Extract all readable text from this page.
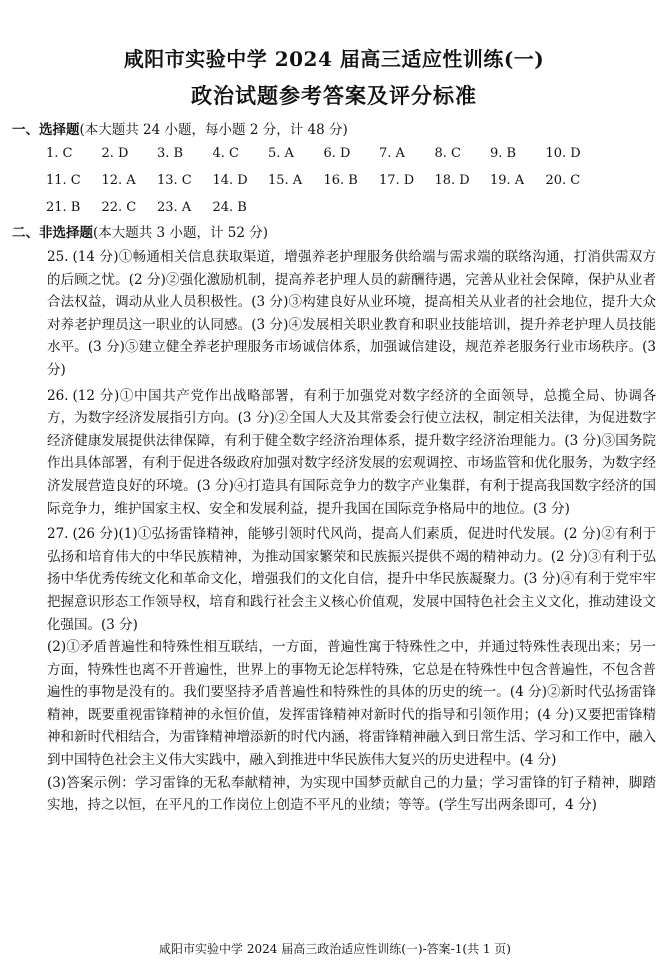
咸阳市实验中学 2024 届高三适应性训练(一)
政治试题参考答案及评分标准
一、选择题(本大题共 24 小题，每小题 2 分，计 48 分)
1. C	2. D	3. B	4. C	5. A	6. D	7. A	8. C	9. B	10. D
11. C	12. A	13. C	14. D	15. A	16. B	17. D	18. D	19. A	20. C
21. B	22. C	23. A	24. B
二、非选择题(本大题共 3 小题，计 52 分)
25. (14 分)①畅通相关信息获取渠道，增强养老护理服务供给端与需求端的联络沟通，打消供需双方的后顾之忧。(2 分)②强化激励机制，提高养老护理人员的薪酬待遇，完善从业社会保障，保护从业者合法权益，调动从业人员积极性。(3 分)③构建良好从业环境，提高相关从业者的社会地位，提升大众对养老护理员这一职业的认同感。(3 分)④发展相关职业教育和职业技能培训，提升养老护理人员技能水平。(3 分)⑤建立健全养老护理服务市场诚信体系，加强诚信建设，规范养老服务行业市场秩序。(3 分)
26. (12 分)①中国共产党作出战略部署，有利于加强党对数字经济的全面领导，总揽全局、协调各方，为数字经济发展指引方向。(3 分)②全国人大及其常委会行使立法权，制定相关法律，为促进数字经济健康发展提供法律保障，有利于健全数字经济治理体系，提升数字经济治理能力。(3 分)③国务院作出具体部署，有利于促进各级政府加强对数字经济发展的宏观调控、市场监管和优化服务，为数字经济发展营造良好的环境。(3 分)④打造具有国际竞争力的数字产业集群，有利于提高我国数字经济的国际竞争力，维护国家主权、安全和发展利益，提升我国在国际竞争格局中的地位。(3 分)
27. (26 分)(1)①弘扬雷锋精神，能够引领时代风尚，提高人们素质，促进时代发展。(2 分)②有利于弘扬和培育伟大的中华民族精神，为推动国家繁荣和民族振兴提供不竭的精神动力。(2 分)③有利于弘扬中华优秀传统文化和革命文化，增强我们的文化自信，提升中华民族凝聚力。(3 分)④有利于党牢牢把握意识形态工作领导权，培育和践行社会主义核心价值观，发展中国特色社会主义文化，推动建设文化强国。(3 分)
(2)①矛盾普遍性和特殊性相互联结，一方面，普遍性寓于特殊性之中，并通过特殊性表现出来；另一方面，特殊性也离不开普遍性，世界上的事物无论怎样特殊，它总是在特殊性中包含普遍性，不包含普遍性的事物是没有的。我们要坚持矛盾普遍性和特殊性的具体的历史的统一。(4 分)②新时代弘扬雷锋精神，既要重视雷锋精神的永恒价值，发挥雷锋精神对新时代的指导和引领作用；(4 分)又要把雷锋精神和新时代相结合，为雷锋精神增添新的时代内涵，将雷锋精神融入到日常生活、学习和工作中，融入到中国特色社会主义伟大实践中，融入到推进中华民族伟大复兴的历史进程中。(4 分)
(3)答案示例：学习雷锋的无私奉献精神，为实现中国梦贡献自己的力量；学习雷锋的钉子精神，脚踏实地，持之以恒，在平凡的工作岗位上创造不平凡的业绩；等等。(学生写出两条即可，4 分)
咸阳市实验中学 2024 届高三政治适应性训练(一)-答案-1(共 1 页)
